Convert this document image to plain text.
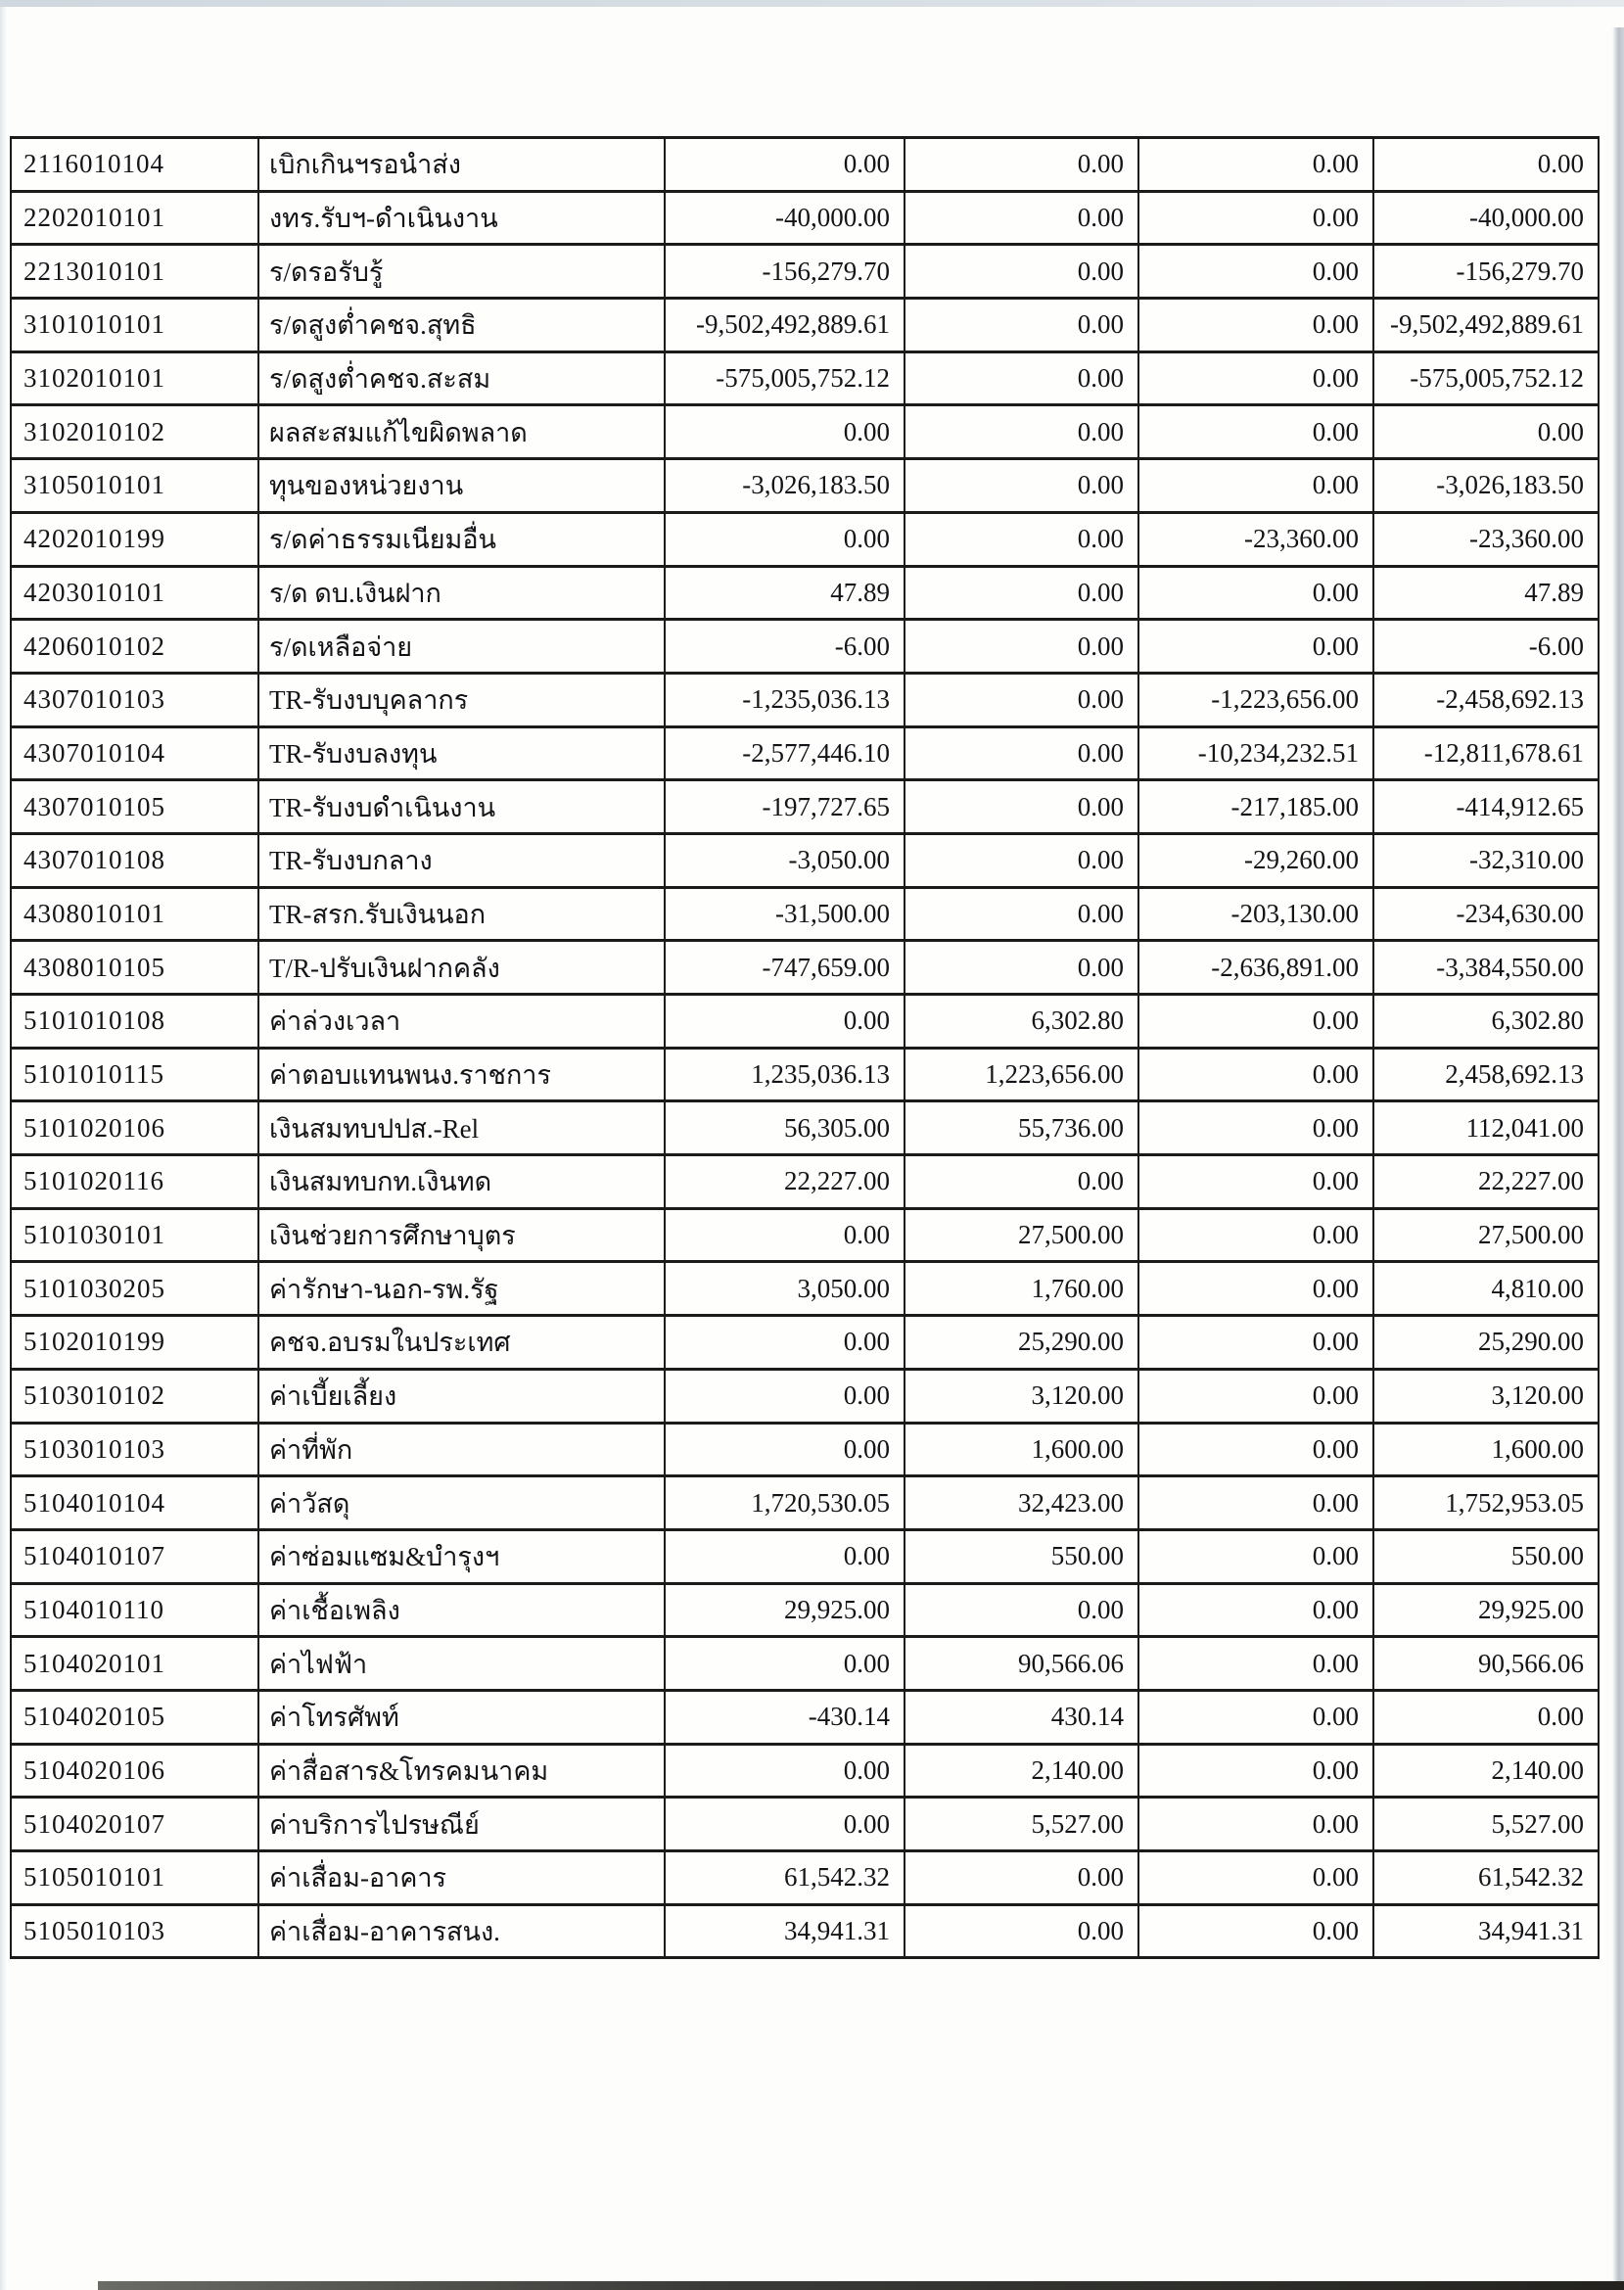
2116010104	เบิกเกินฯรอนำส่ง	0.00	0.00	0.00	0.00
2202010101	งทร.รับฯ-ดำเนินงาน	-40,000.00	0.00	0.00	-40,000.00
2213010101	ร/ดรอรับรู้	-156,279.70	0.00	0.00	-156,279.70
3101010101	ร/ดสูงต่ำคชจ.สุทธิ	-9,502,492,889.61	0.00	0.00	-9,502,492,889.61
3102010101	ร/ดสูงต่ำคชจ.สะสม	-575,005,752.12	0.00	0.00	-575,005,752.12
3102010102	ผลสะสมแก้ไขผิดพลาด	0.00	0.00	0.00	0.00
3105010101	ทุนของหน่วยงาน	-3,026,183.50	0.00	0.00	-3,026,183.50
4202010199	ร/ดค่าธรรมเนียมอื่น	0.00	0.00	-23,360.00	-23,360.00
4203010101	ร/ด ดบ.เงินฝาก	47.89	0.00	0.00	47.89
4206010102	ร/ดเหลือจ่าย	-6.00	0.00	0.00	-6.00
4307010103	TR-รับงบบุคลากร	-1,235,036.13	0.00	-1,223,656.00	-2,458,692.13
4307010104	TR-รับงบลงทุน	-2,577,446.10	0.00	-10,234,232.51	-12,811,678.61
4307010105	TR-รับงบดำเนินงาน	-197,727.65	0.00	-217,185.00	-414,912.65
4307010108	TR-รับงบกลาง	-3,050.00	0.00	-29,260.00	-32,310.00
4308010101	TR-สรก.รับเงินนอก	-31,500.00	0.00	-203,130.00	-234,630.00
4308010105	T/R-ปรับเงินฝากคลัง	-747,659.00	0.00	-2,636,891.00	-3,384,550.00
5101010108	ค่าล่วงเวลา	0.00	6,302.80	0.00	6,302.80
5101010115	ค่าตอบแทนพนง.ราชการ	1,235,036.13	1,223,656.00	0.00	2,458,692.13
5101020106	เงินสมทบปปส.-Rel	56,305.00	55,736.00	0.00	112,041.00
5101020116	เงินสมทบกท.เงินทด	22,227.00	0.00	0.00	22,227.00
5101030101	เงินช่วยการศึกษาบุตร	0.00	27,500.00	0.00	27,500.00
5101030205	ค่ารักษา-นอก-รพ.รัฐ	3,050.00	1,760.00	0.00	4,810.00
5102010199	คชจ.อบรมในประเทศ	0.00	25,290.00	0.00	25,290.00
5103010102	ค่าเบี้ยเลี้ยง	0.00	3,120.00	0.00	3,120.00
5103010103	ค่าที่พัก	0.00	1,600.00	0.00	1,600.00
5104010104	ค่าวัสดุ	1,720,530.05	32,423.00	0.00	1,752,953.05
5104010107	ค่าซ่อมแซม&บำรุงฯ	0.00	550.00	0.00	550.00
5104010110	ค่าเชื้อเพลิง	29,925.00	0.00	0.00	29,925.00
5104020101	ค่าไฟฟ้า	0.00	90,566.06	0.00	90,566.06
5104020105	ค่าโทรศัพท์	-430.14	430.14	0.00	0.00
5104020106	ค่าสื่อสาร&โทรคมนาคม	0.00	2,140.00	0.00	2,140.00
5104020107	ค่าบริการไปรษณีย์	0.00	5,527.00	0.00	5,527.00
5105010101	ค่าเสื่อม-อาคาร	61,542.32	0.00	0.00	61,542.32
5105010103	ค่าเสื่อม-อาคารสนง.	34,941.31	0.00	0.00	34,941.31
